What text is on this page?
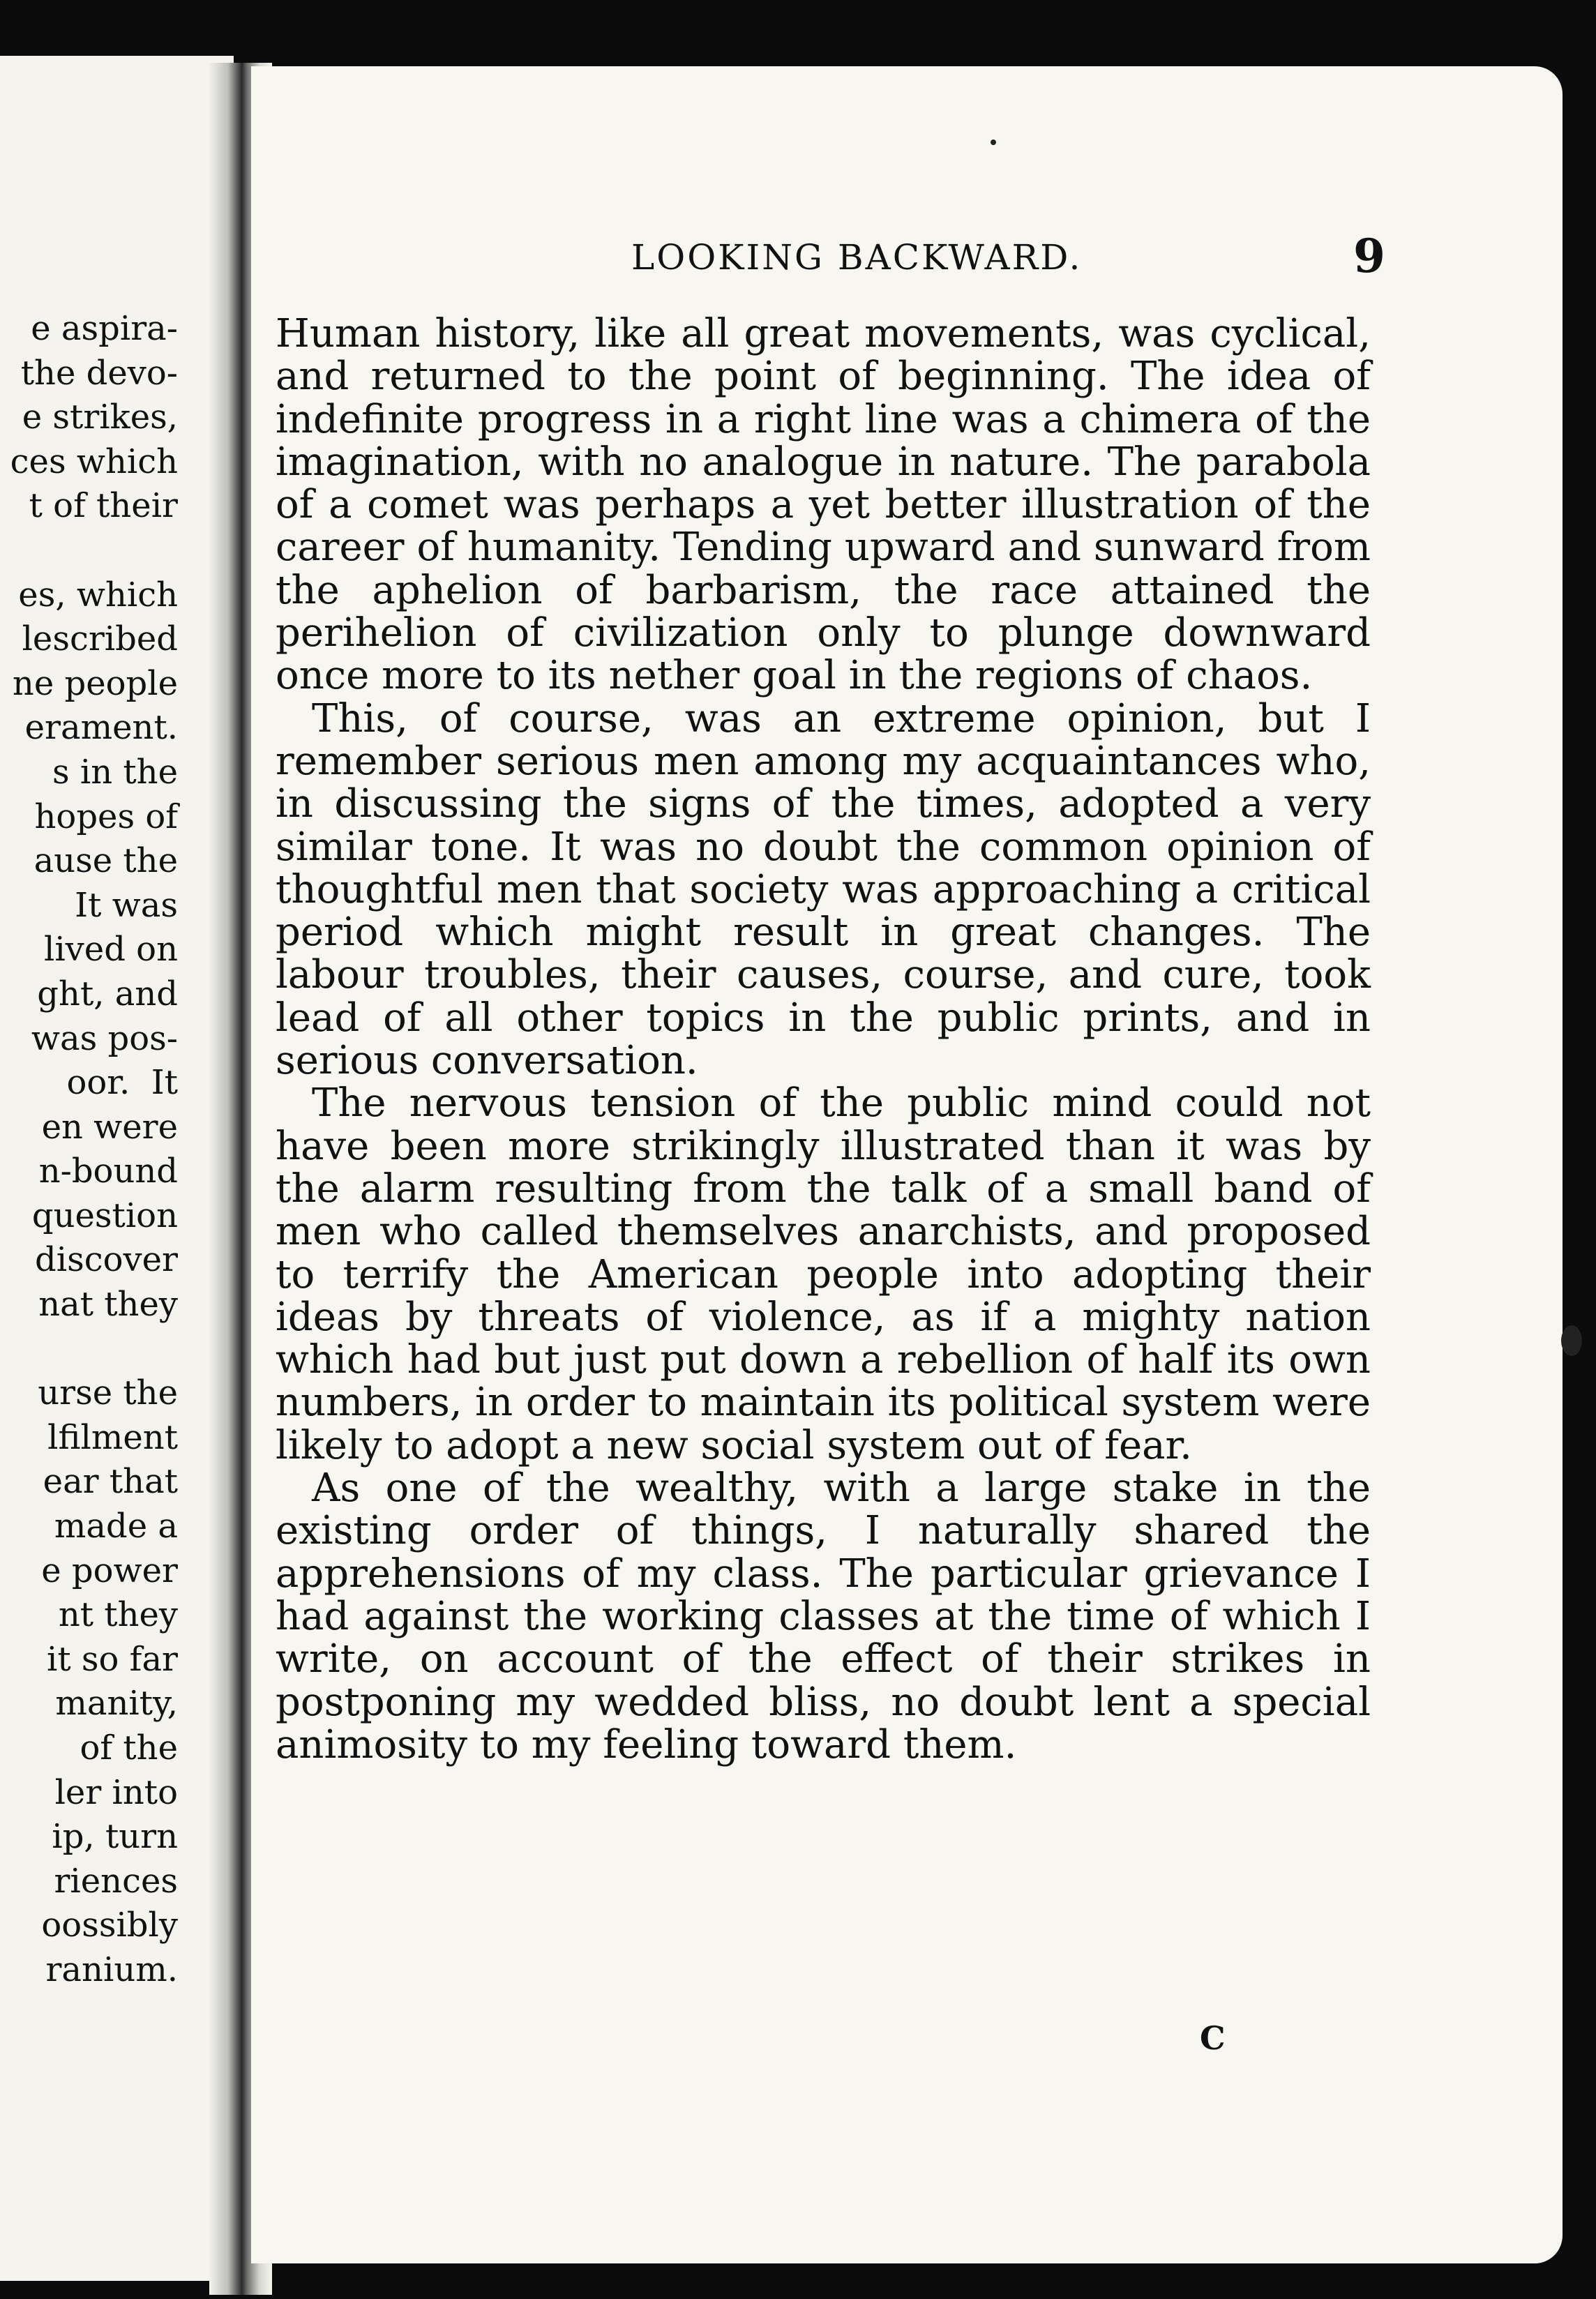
e aspira-
the devo-
e strikes,
ces which
t of their
es, which
lescribed
ne people
erament.
s in the
hopes of
ause the
It was
lived on
ght, and
was pos-
oor.  It
en were
n-bound
question
discover
nat they
urse the
lfilment
ear that
made a
e power
nt they
it so far
manity,
of the
ler into
ip, turn
riences
oossibly
ranium.
LOOKING BACKWARD.	9

Human history, like all great movements, was cyclical, and returned to the point of beginning. The idea of indefinite progress in a right line was a chimera of the imagination, with no analogue in nature. The parabola of a comet was perhaps a yet better illustration of the career of humanity. Tending upward and sunward from the aphelion of barbarism, the race attained the perihelion of civilization only to plunge downward once more to its nether goal in the regions of chaos.

This, of course, was an extreme opinion, but I remember serious men among my acquaintances who, in discussing the signs of the times, adopted a very similar tone. It was no doubt the common opinion of thoughtful men that society was approaching a critical period which might result in great changes. The labour troubles, their causes, course, and cure, took lead of all other topics in the public prints, and in serious conversation.

The nervous tension of the public mind could not have been more strikingly illustrated than it was by the alarm resulting from the talk of a small band of men who called themselves anarchists, and proposed to terrify the American people into adopting their ideas by threats of violence, as if a mighty nation which had but just put down a rebellion of half its own numbers, in order to maintain its political system were likely to adopt a new social system out of fear.

As one of the wealthy, with a large stake in the existing order of things, I naturally shared the apprehensions of my class. The particular grievance I had against the working classes at the time of which I write, on account of the effect of their strikes in postponing my wedded bliss, no doubt lent a special animosity to my feeling toward them.

C
